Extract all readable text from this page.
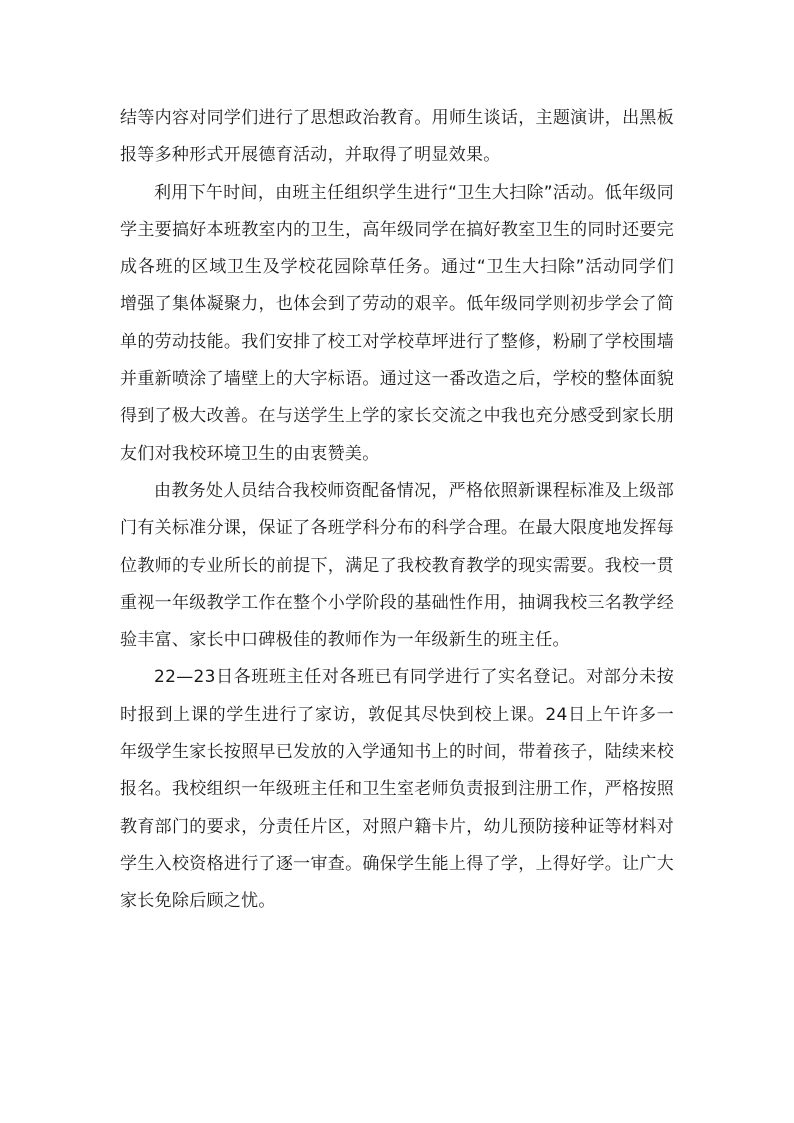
结等内容对同学们进行了思想政治教育。用师生谈话，主题演讲，出黑板报等多种形式开展德育活动，并取得了明显效果。

利用下午时间，由班主任组织学生进行“卫生大扫除”活动。低年级同学主要搞好本班教室内的卫生，高年级同学在搞好教室卫生的同时还要完成各班的区域卫生及学校花园除草任务。通过“卫生大扫除”活动同学们增强了集体凝聚力，也体会到了劳动的艰辛。低年级同学则初步学会了简单的劳动技能。我们安排了校工对学校草坪进行了整修，粉刷了学校围墙并重新喷涂了墙壁上的大字标语。通过这一番改造之后，学校的整体面貌得到了极大改善。在与送学生上学的家长交流之中我也充分感受到家长朋友们对我校环境卫生的由衷赞美。

由教务处人员结合我校师资配备情况，严格依照新课程标准及上级部门有关标准分课，保证了各班学科分布的科学合理。在最大限度地发挥每位教师的专业所长的前提下，满足了我校教育教学的现实需要。我校一贯重视一年级教学工作在整个小学阶段的基础性作用，抽调我校三名教学经验丰富、家长中口碑极佳的教师作为一年级新生的班主任。

22—23日各班班主任对各班已有同学进行了实名登记。对部分未按时报到上课的学生进行了家访，敦促其尽快到校上课。24日上午许多一年级学生家长按照早已发放的入学通知书上的时间，带着孩子，陆续来校报名。我校组织一年级班主任和卫生室老师负责报到注册工作，严格按照教育部门的要求，分责任片区，对照户籍卡片，幼儿预防接种证等材料对学生入校资格进行了逐一审查。确保学生能上得了学，上得好学。让广大家长免除后顾之忧。
